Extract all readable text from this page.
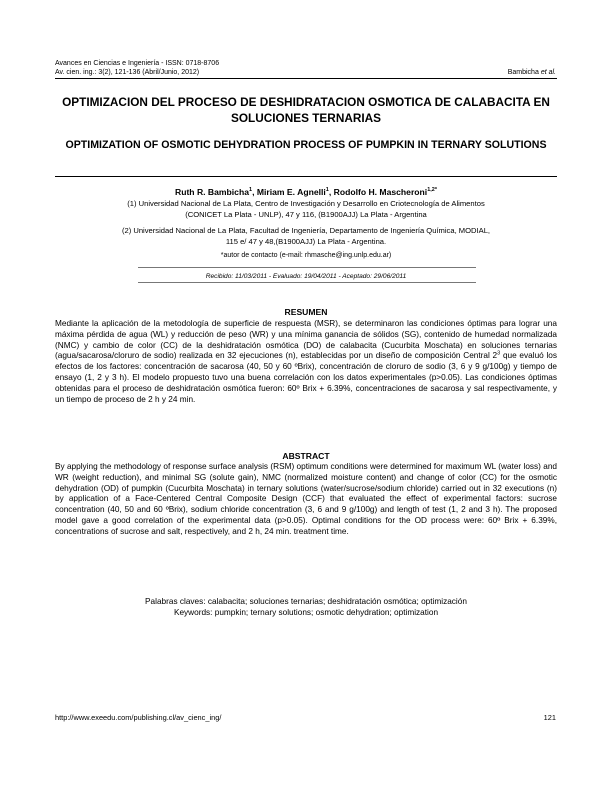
Avances en Ciencias e Ingeniería - ISSN: 0718-8706
Av. cien. ing.: 3(2), 121-136 (Abril/Junio, 2012)	Bambicha et al.
OPTIMIZACION DEL PROCESO DE DESHIDRATACION OSMOTICA DE CALABACITA EN SOLUCIONES TERNARIAS
OPTIMIZATION OF OSMOTIC DEHYDRATION PROCESS OF PUMPKIN IN TERNARY SOLUTIONS
Ruth R. Bambicha$^1$, Miriam E. Agnelli$^1$, Rodolfo H. Mascheroni$^{1,2*}$
(1) Universidad Nacional de La Plata, Centro de Investigación y Desarrollo en Criotecnología de Alimentos
(CONICET La Plata - UNLP), 47 y 116, (B1900AJJ) La Plata - Argentina
(2) Universidad Nacional de La Plata, Facultad de Ingeniería, Departamento de Ingeniería Química, MODIAL,
115 e/ 47 y 48,(B1900AJJ) La Plata - Argentina.
*autor de contacto (e-mail: rhmasche@ing.unlp.edu.ar)
Recibido: 11/03/2011 - Evaluado: 19/04/2011 - Aceptado: 29/06/2011
RESUMEN
Mediante la aplicación de la metodología de superficie de respuesta (MSR), se determinaron las condiciones óptimas para lograr una máxima pérdida de agua (WL) y reducción de peso (WR) y una mínima ganancia de sólidos (SG), contenido de humedad normalizada (NMC) y cambio de color (CC) de la deshidratación osmótica (DO) de calabacita (Cucurbita Moschata) en soluciones ternarias (agua/sacarosa/cloruro de sodio) realizada en 32 ejecuciones (n), establecidas por un diseño de composición Central $2^3$ que evaluó los efectos de los factores: concentración de sacarosa (40, 50 y 60 ºBrix), concentración de cloruro de sodio (3, 6 y 9 g/100g) y tiempo de ensayo (1, 2 y 3 h). El modelo propuesto tuvo una buena correlación con los datos experimentales (p>0.05). Las condiciones óptimas obtenidas para el proceso de deshidratación osmótica fueron: 60º Brix + 6.39%, concentraciones de sacarosa y sal respectivamente, y un tiempo de proceso de 2 h y 24 min.
ABSTRACT
By applying the methodology of response surface analysis (RSM) optimum conditions were determined for maximum WL (water loss) and WR (weight reduction), and minimal SG (solute gain), NMC (normalized moisture content) and change of color (CC) for the osmotic dehydration (OD) of pumpkin (Cucurbita Moschata) in ternary solutions (water/sucrose/sodium chloride) carried out in 32 executions (n) by application of a Face-Centered Central Composite Design (CCF) that evaluated the effect of experimental factors: sucrose concentration (40, 50 and 60 ºBrix), sodium chloride concentration (3, 6 and 9 g/100g) and length of test (1, 2 and 3 h). The proposed model gave a good correlation of the experimental data (p>0.05). Optimal conditions for the OD process were: 60º Brix + 6.39%, concentrations of sucrose and salt, respectively, and 2 h, 24 min. treatment time.
Palabras claves: calabacita; soluciones ternarias; deshidratación osmótica; optimización
Keywords: pumpkin; ternary solutions; osmotic dehydration; optimization
http://www.exeedu.com/publishing.cl/av_cienc_ing/	121
